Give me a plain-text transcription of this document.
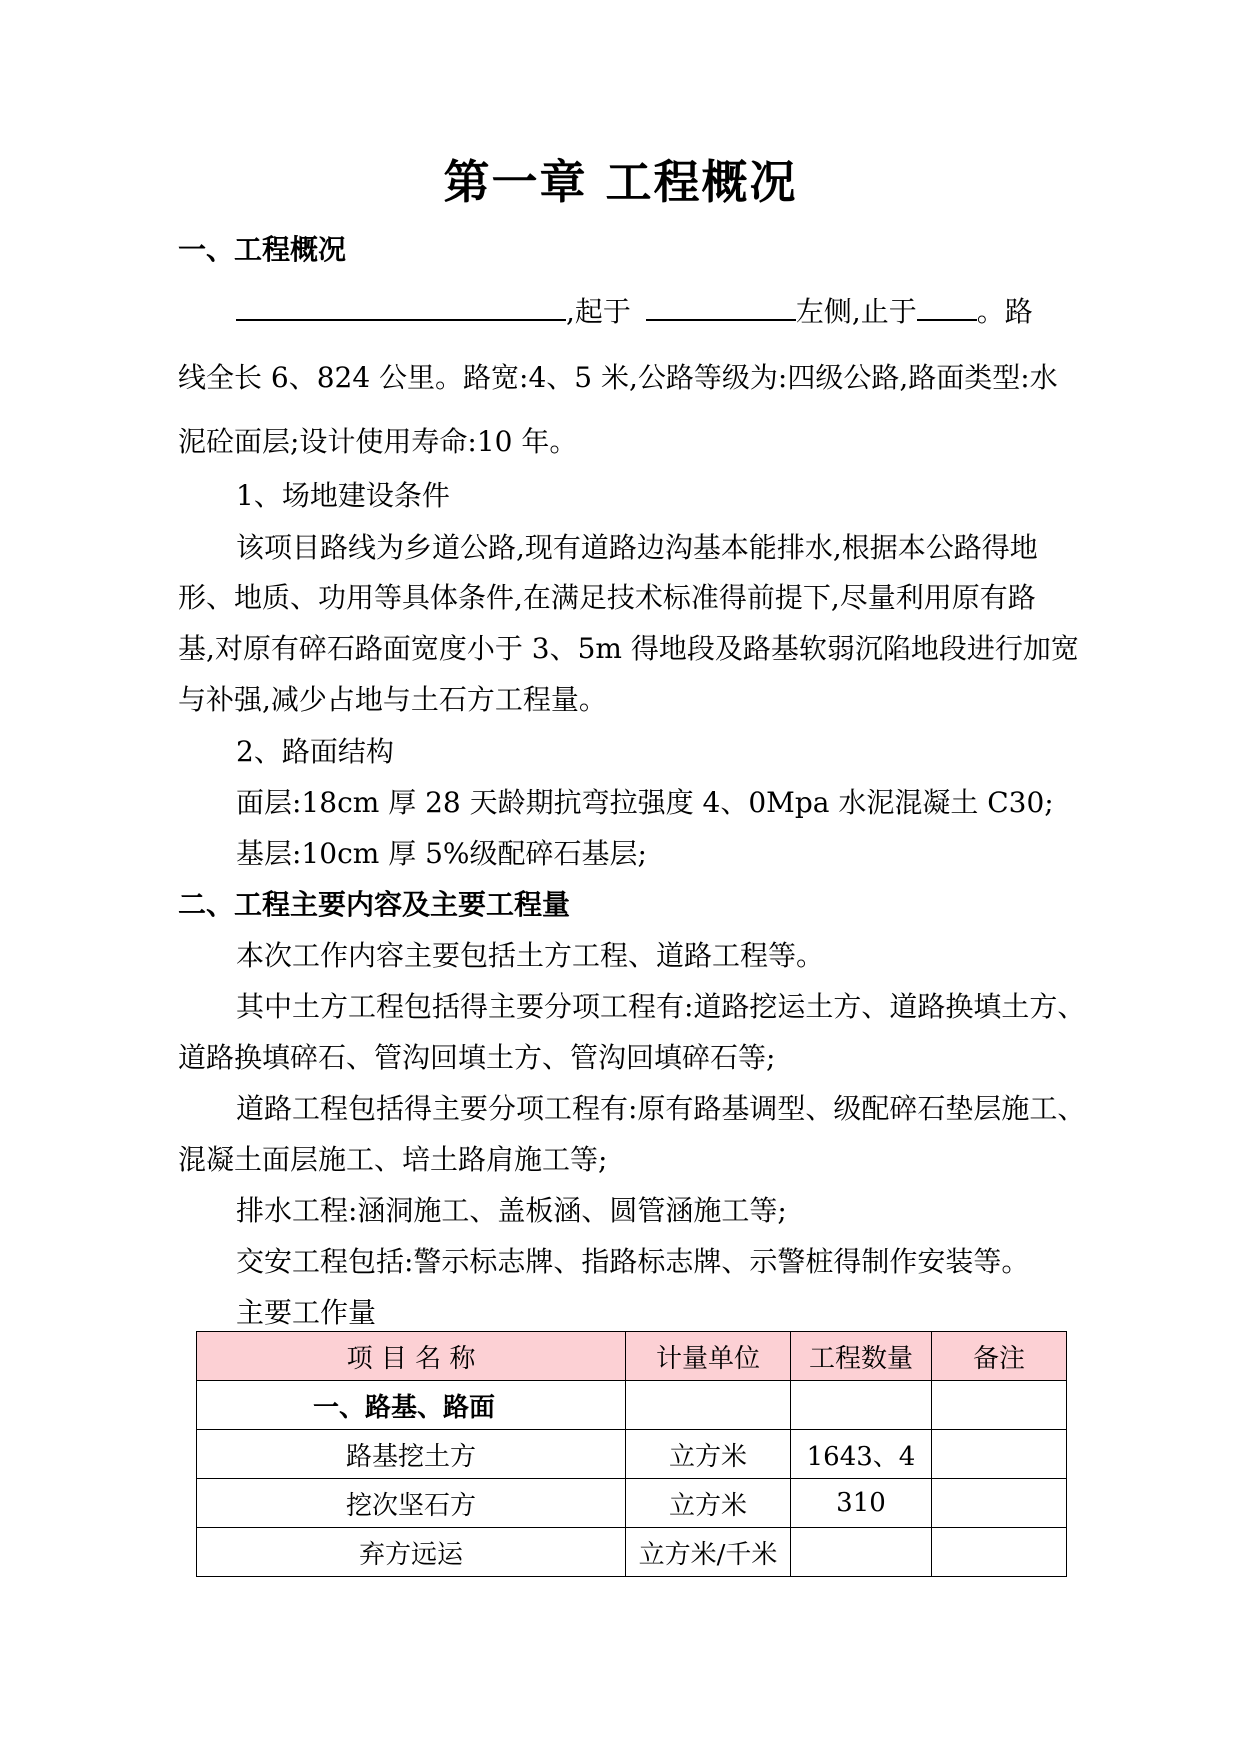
第一章 工程概况
一、工程概况
,起于	左侧,止于 。路
线全长 6、824 公里。路宽:4、5 米,公路等级为:四级公路,路面类型:水
泥砼面层;设计使用寿命:10 年。
1、场地建设条件
该项目路线为乡道公路,现有道路边沟基本能排水,根据本公路得地
形、地质、功用等具体条件,在满足技术标准得前提下,尽量利用原有路
基,对原有碎石路面宽度小于 3、5m 得地段及路基软弱沉陷地段进行加宽
与补强,减少占地与土石方工程量。
2、路面结构
面层:18cm 厚 28 天龄期抗弯拉强度 4、0Mpa 水泥混凝土 C30;
基层:10cm 厚 5%级配碎石基层;
二、工程主要内容及主要工程量
本次工作内容主要包括土方工程、道路工程等。
其中土方工程包括得主要分项工程有:道路挖运土方、道路换填土方、
道路换填碎石、管沟回填土方、管沟回填碎石等;
道路工程包括得主要分项工程有:原有路基调型、级配碎石垫层施工、
混凝土面层施工、培土路肩施工等;
排水工程:涵洞施工、盖板涵、圆管涵施工等;
交安工程包括:警示标志牌、指路标志牌、示警桩得制作安装等。
主要工作量
项 目 名 称	计量单位	工程数量	备注
一、路基、路面			
路基挖土方	立方米	1643、4	
挖次坚石方	立方米	310	
弃方远运	立方米/千米		
